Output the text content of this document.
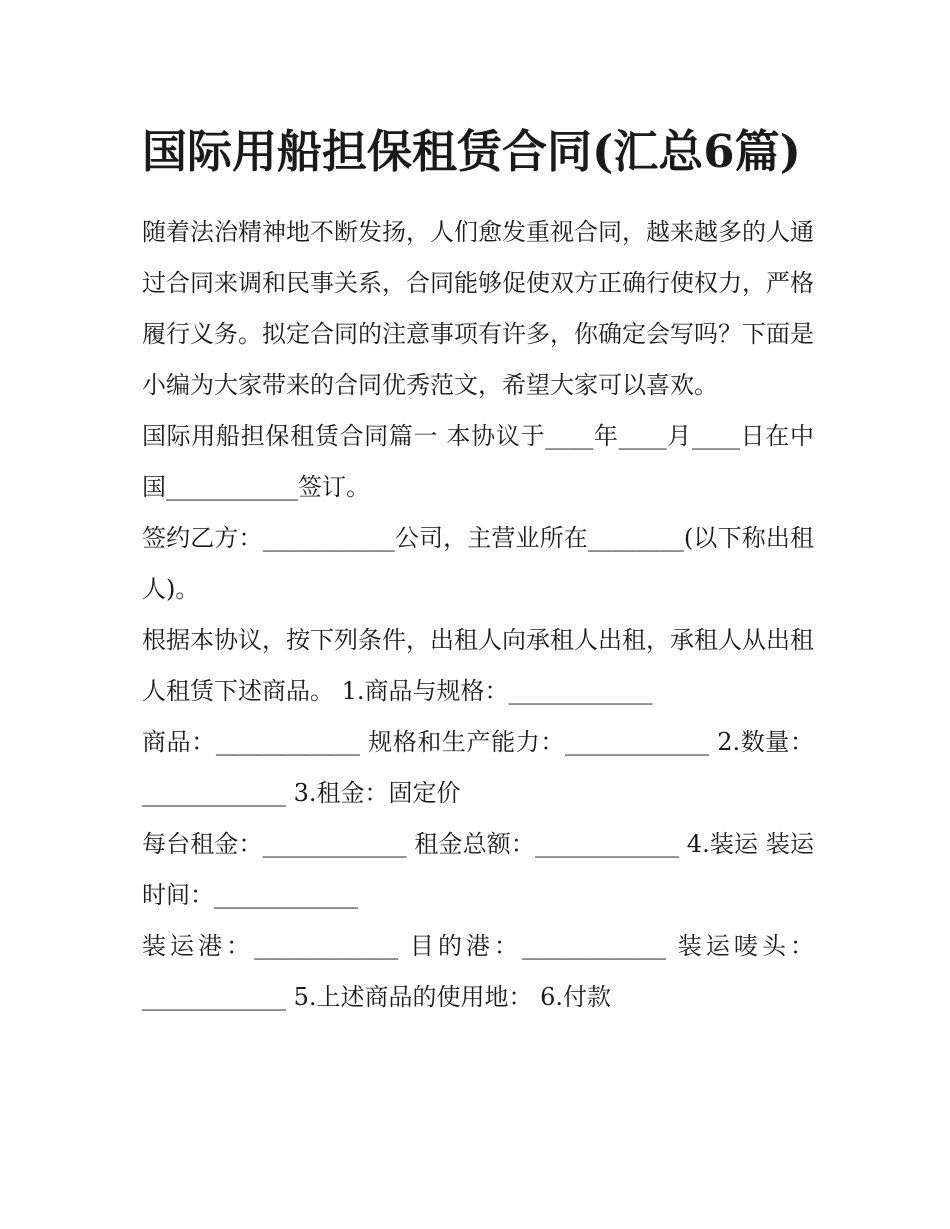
国际用船担保租赁合同(汇总6篇)

随着法治精神地不断发扬，人们愈发重视合同，越来越多的人通过合同来调和民事关系，合同能够促使双方正确行使权力，严格履行义务。拟定合同的注意事项有许多，你确定会写吗？下面是小编为大家带来的合同优秀范文，希望大家可以喜欢。

国际用船担保租赁合同篇一 本协议于____年____月____日在中国___________签订。

签约乙方：___________公司，主营业所在________(以下称出租人)。

根据本协议，按下列条件，出租人向承租人出租，承租人从出租人租赁下述商品。 1.商品与规格：____________

商品：____________ 规格和生产能力：____________ 2.数量：____________ 3.租金：固定价

每台租金：____________ 租金总额：____________ 4.装运 装运时间：____________

装运港：____________ 目的港：____________ 装运唛头：____________ 5.上述商品的使用地： 6.付款
